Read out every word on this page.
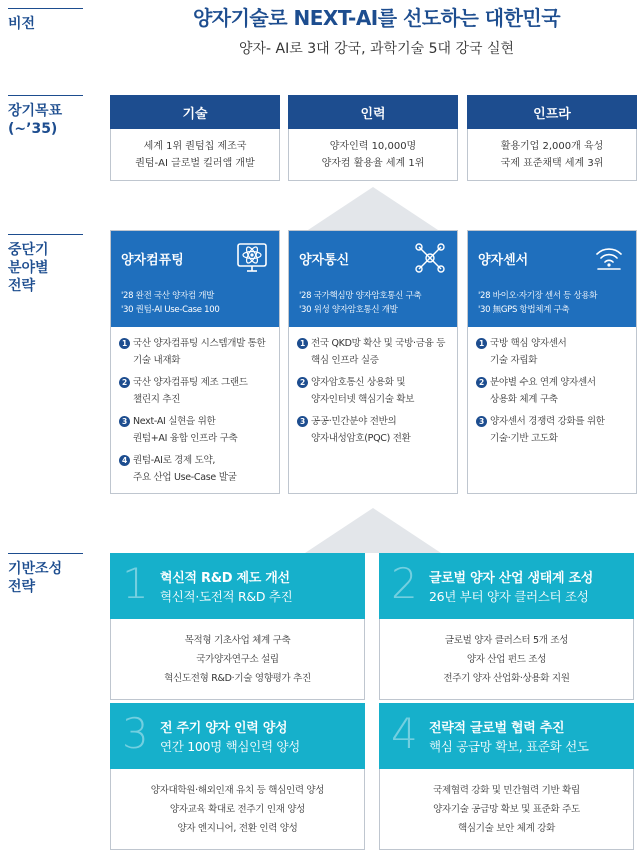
비전
장기목표
(~’35)
중단기
분야별
전략
기반조성
전략
양자기술로 NEXT-AI를 선도하는 대한민국
양자- AI로 3대 강국, 과학기술 5대 강국 실현
기술
세계 1위 퀀텀칩 제조국
퀀텀-AI 글로벌 킬러앱 개발
인력
양자인력 10,000명
양자컴 활용율 세계 1위
인프라
활용기업 2,000개 육성
국제 표준채택 세계 3위
양자컴퓨팅
'28 완전 국산 양자컴 개발
'30 퀀텀-AI Use-Case 100
1 국산 양자컴퓨팅 시스템개발 통한
기술 내재화
2 국산 양자컴퓨팅 제조 그랜드
챌린지 추진
3 Next-AI 실현을 위한
퀀텀+AI 융합 인프라 구축
4 퀀텀-AI로 경제 도약,
주요 산업 Use-Case 발굴
양자통신
'28 국가핵심망 양자암호통신 구축
'30 위성 양자암호통신 개발
1 전국 QKD망 확산 및 국방·금융 등
핵심 인프라 실증
2 양자암호통신 상용화 및
양자인터넷 핵심기술 확보
3 공공·민간분야 전반의
양자내성암호(PQC) 전환
양자센서
'28 바이오·자기장 센서 등 상용화
'30 無GPS 항법체계 구축
1 국방 핵심 양자센서
기술 자립화
2 분야별 수요 연계 양자센서
상용화 체계 구축
3 양자센서 경쟁력 강화를 위한
기술·기반 고도화
1 혁신적 R&D 제도 개선
혁신적·도전적 R&D 추진
목적형 기초사업 체계 구축
국가양자연구소 설립
혁신도전형 R&D·기술 영향평가 추진
2 글로벌 양자 산업 생태계 조성
26년 부터 양자 클러스터 조성
글로벌 양자 클러스터 5개 조성
양자 산업 펀드 조성
전주기 양자 산업화·상용화 지원
3 전 주기 양자 인력 양성
연간 100명 핵심인력 양성
양자대학원·해외인재 유치 등 핵심인력 양성
양자교육 확대로 전주기 인재 양성
양자 엔지니어, 전환 인력 양성
4 전략적 글로벌 협력 추진
핵심 공급망 확보, 표준화 선도
국제협력 강화 및 민간협력 기반 확립
양자기술 공급망 확보 및 표준화 주도
핵심기술 보안 체계 강화
